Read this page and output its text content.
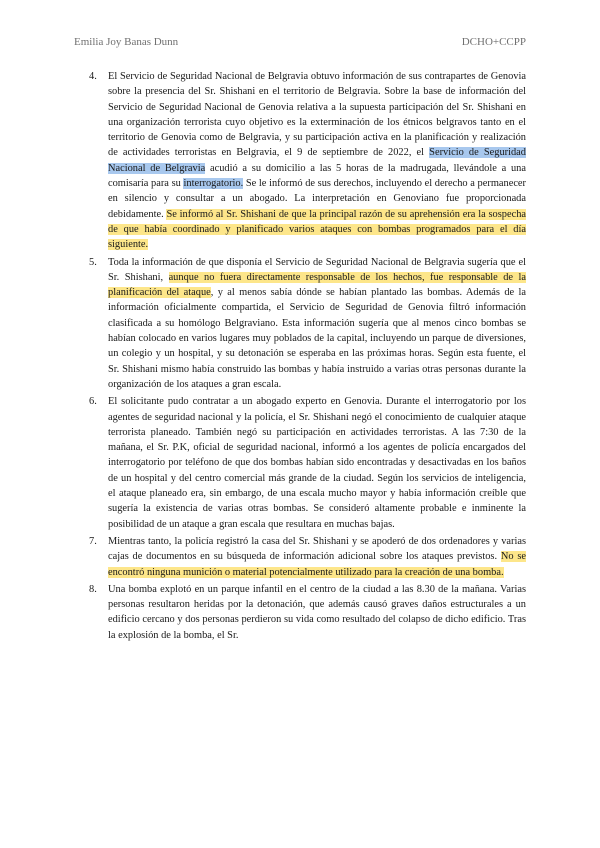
Emilia Joy Banas Dunn	DCHO+CCPP
4. El Servicio de Seguridad Nacional de Belgravia obtuvo información de sus contrapartes de Genovia sobre la presencia del Sr. Shishani en el territorio de Belgravia. Sobre la base de información del Servicio de Seguridad Nacional de Genovia relativa a la supuesta participación del Sr. Shishani en una organización terrorista cuyo objetivo es la exterminación de los étnicos belgravos tanto en el territorio de Genovia como de Belgravia, y su participación activa en la planificación y realización de actividades terroristas en Belgravia, el 9 de septiembre de 2022, el Servicio de Seguridad Nacional de Belgravia acudió a su domicilio a las 5 horas de la madrugada, llevándole a una comisaría para su interrogatorio. Se le informó de sus derechos, incluyendo el derecho a permanecer en silencio y consultar a un abogado. La interpretación en Genoviano fue proporcionada debidamente. Se informó al Sr. Shishani de que la principal razón de su aprehensión era la sospecha de que había coordinado y planificado varios ataques con bombas programados para el día siguiente.
5. Toda la información de que disponía el Servicio de Seguridad Nacional de Belgravia sugería que el Sr. Shishani, aunque no fuera directamente responsable de los hechos, fue responsable de la planificación del ataque, y al menos sabía dónde se habían plantado las bombas. Además de la información oficialmente compartida, el Servicio de Seguridad de Genovia filtró información clasificada a su homólogo Belgraviano. Esta información sugería que al menos cinco bombas se habían colocado en varios lugares muy poblados de la capital, incluyendo un parque de diversiones, un colegio y un hospital, y su detonación se esperaba en las próximas horas. Según esta fuente, el Sr. Shishani mismo había construido las bombas y había instruido a varias otras personas durante la organización de los ataques a gran escala.
6. El solicitante pudo contratar a un abogado experto en Genovia. Durante el interrogatorio por los agentes de seguridad nacional y la policía, el Sr. Shishani negó el conocimiento de cualquier ataque terrorista planeado. También negó su participación en actividades terroristas. A las 7:30 de la mañana, el Sr. P.K, oficial de seguridad nacional, informó a los agentes de policía encargados del interrogatorio por teléfono de que dos bombas habían sido encontradas y desactivadas en los baños de un hospital y del centro comercial más grande de la ciudad. Según los servicios de inteligencia, el ataque planeado era, sin embargo, de una escala mucho mayor y había información creíble que sugería la existencia de varias otras bombas. Se consideró altamente probable e inminente la posibilidad de un ataque a gran escala que resultara en muchas bajas.
7. Mientras tanto, la policía registró la casa del Sr. Shishani y se apoderó de dos ordenadores y varias cajas de documentos en su búsqueda de información adicional sobre los ataques previstos. No se encontró ninguna munición o material potencialmente utilizado para la creación de una bomba.
8. Una bomba explotó en un parque infantil en el centro de la ciudad a las 8.30 de la mañana. Varias personas resultaron heridas por la detonación, que además causó graves daños estructurales a un edificio cercano y dos personas perdieron su vida como resultado del colapso de dicho edificio. Tras la explosión de la bomba, el Sr.
